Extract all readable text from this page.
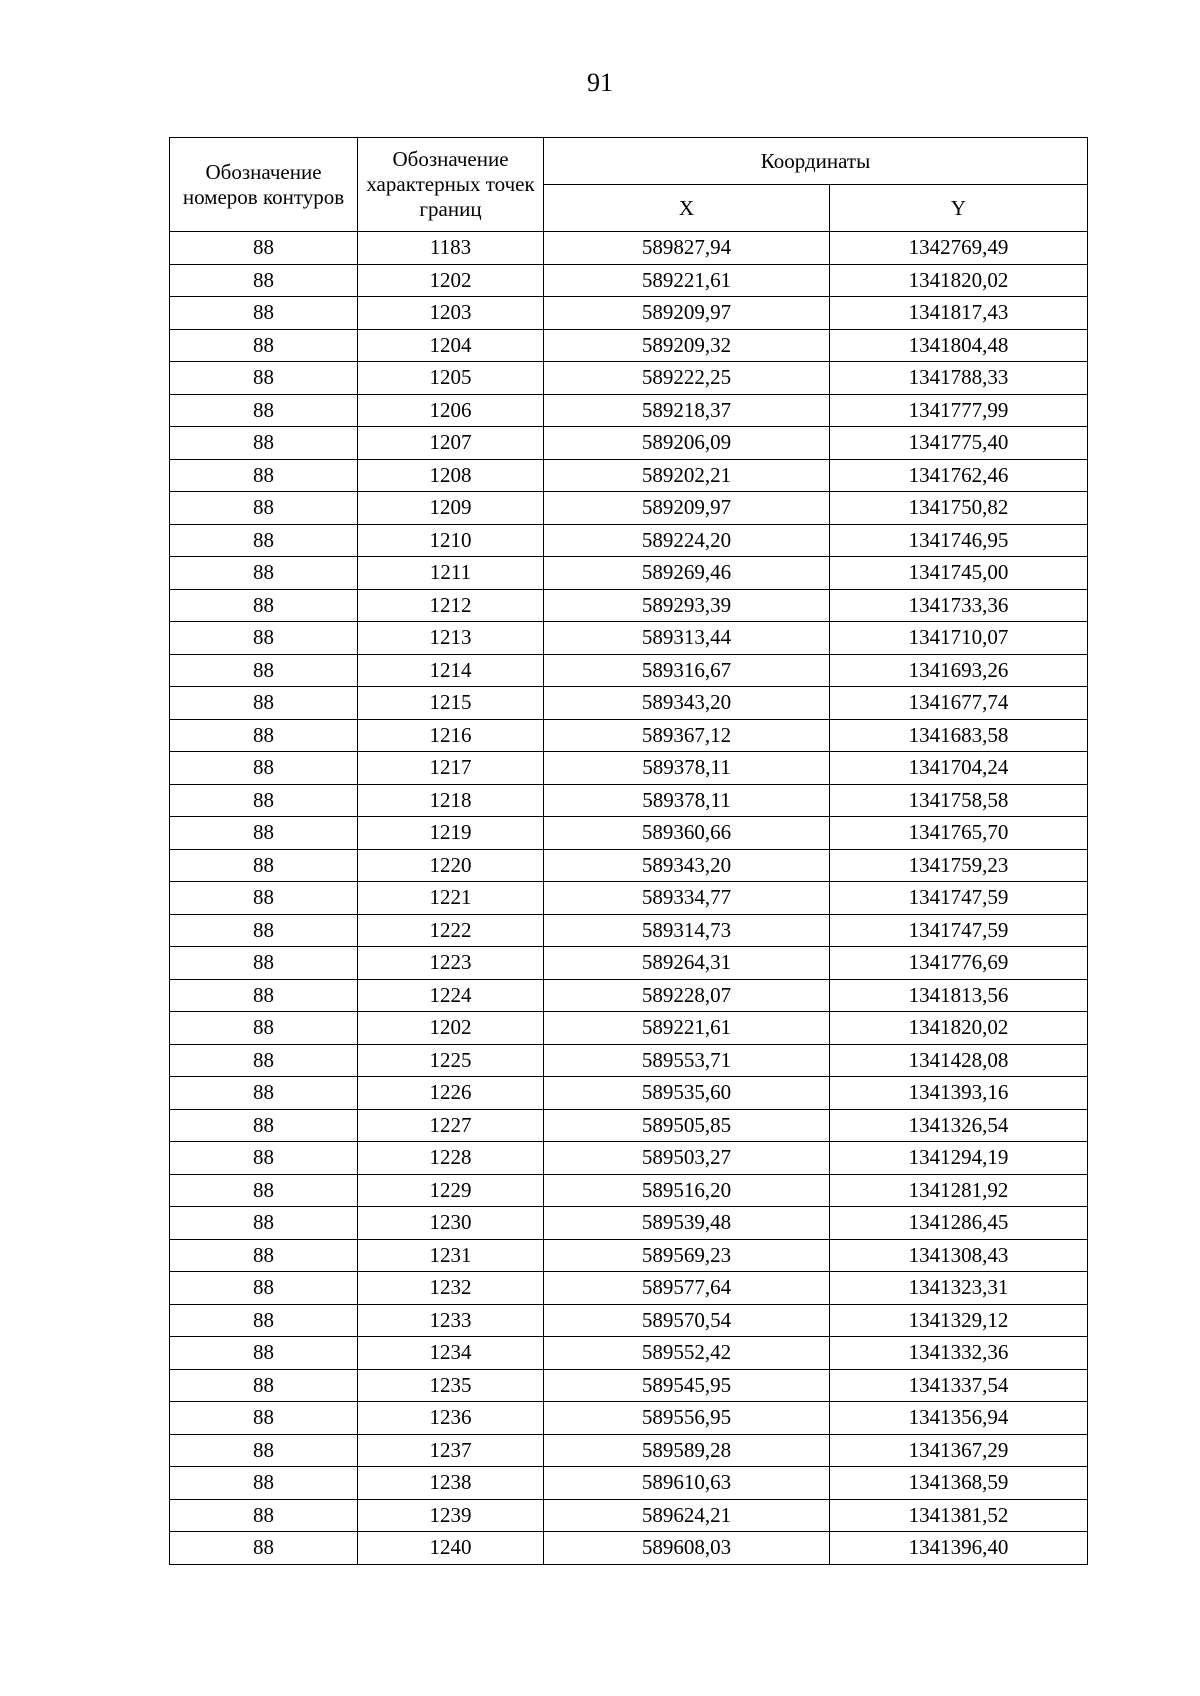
91
Обозначение номеров контуров	Обозначение характерных точек границ	Координаты	
		X	Y
88	1183	589827,94	1342769,49
88	1202	589221,61	1341820,02
88	1203	589209,97	1341817,43
88	1204	589209,32	1341804,48
88	1205	589222,25	1341788,33
88	1206	589218,37	1341777,99
88	1207	589206,09	1341775,40
88	1208	589202,21	1341762,46
88	1209	589209,97	1341750,82
88	1210	589224,20	1341746,95
88	1211	589269,46	1341745,00
88	1212	589293,39	1341733,36
88	1213	589313,44	1341710,07
88	1214	589316,67	1341693,26
88	1215	589343,20	1341677,74
88	1216	589367,12	1341683,58
88	1217	589378,11	1341704,24
88	1218	589378,11	1341758,58
88	1219	589360,66	1341765,70
88	1220	589343,20	1341759,23
88	1221	589334,77	1341747,59
88	1222	589314,73	1341747,59
88	1223	589264,31	1341776,69
88	1224	589228,07	1341813,56
88	1202	589221,61	1341820,02
88	1225	589553,71	1341428,08
88	1226	589535,60	1341393,16
88	1227	589505,85	1341326,54
88	1228	589503,27	1341294,19
88	1229	589516,20	1341281,92
88	1230	589539,48	1341286,45
88	1231	589569,23	1341308,43
88	1232	589577,64	1341323,31
88	1233	589570,54	1341329,12
88	1234	589552,42	1341332,36
88	1235	589545,95	1341337,54
88	1236	589556,95	1341356,94
88	1237	589589,28	1341367,29
88	1238	589610,63	1341368,59
88	1239	589624,21	1341381,52
88	1240	589608,03	1341396,40
